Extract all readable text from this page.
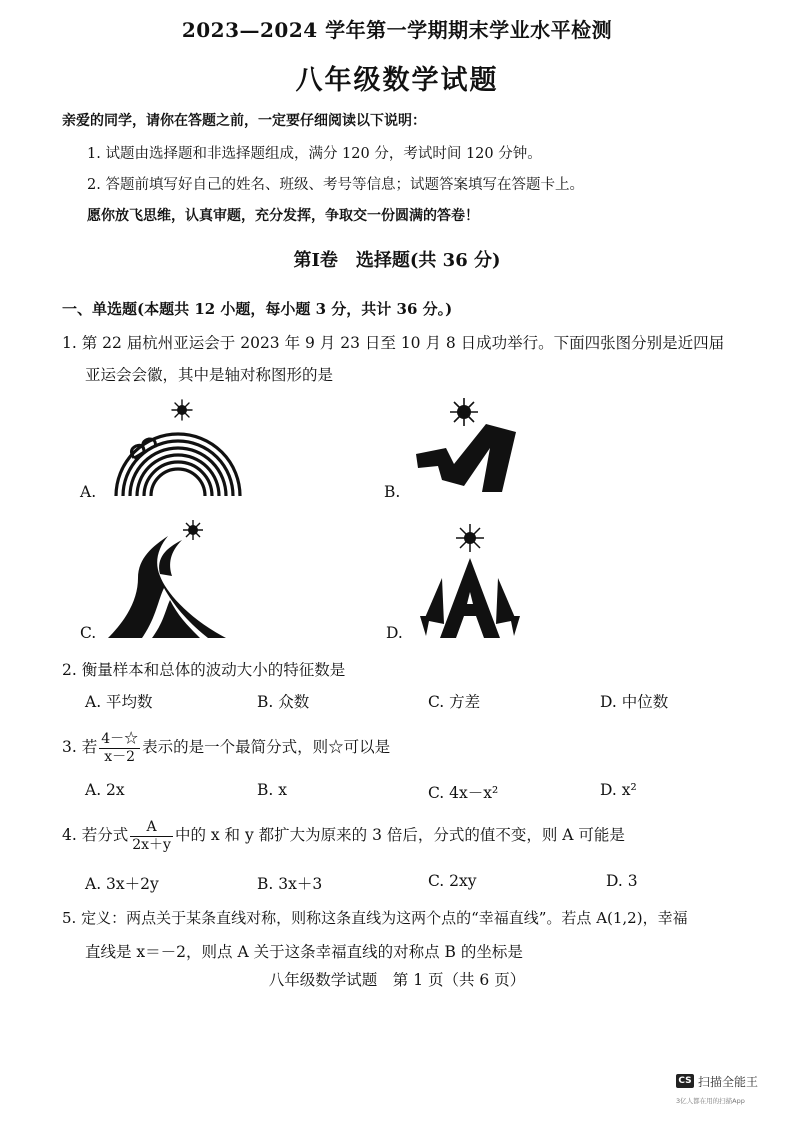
2023—2024 学年第一学期期末学业水平检测
八年级数学试题
亲爱的同学，请你在答题之前，一定要仔细阅读以下说明：
1. 试题由选择题和非选择题组成，满分 120 分，考试时间 120 分钟。
2. 答题前填写好自己的姓名、班级、考号等信息；试题答案填写在答题卡上。
愿你放飞思维，认真审题，充分发挥，争取交一份圆满的答卷！
第Ⅰ卷　选择题(共 36 分)
一、单选题(本题共 12 小题，每小题 3 分，共计 36 分。)
1. 第 22 届杭州亚运会于 2023 年 9 月 23 日至 10 月 8 日成功举行。下面四张图分别是近四届
亚运会会徽，其中是轴对称图形的是
A.	B.
C.	D.
2. 衡量样本和总体的波动大小的特征数是
A. 平均数	B. 众数	C. 方差	D. 中位数
3. 若 $\frac{4-☆}{x-2}$ 表示的是一个最简分式，则☆可以是
A. 2x	B. x	C. 4x－x²	D. x²
4. 若分式 $\frac{A}{2x+y}$ 中的 x 和 y 都扩大为原来的 3 倍后，分式的值不变，则 A 可能是
A. 3x＋2y	B. 3x＋3	C. 2xy	D. 3
5. 定义：两点关于某条直线对称，则称这条直线为这两个点的“幸福直线”。若点 A(1,2)，幸福
直线是 x＝－2，则点 A 关于这条幸福直线的对称点 B 的坐标是
八年级数学试题　第 1 页（共 6 页）
CS 扫描全能王
3亿人都在用的扫描App
